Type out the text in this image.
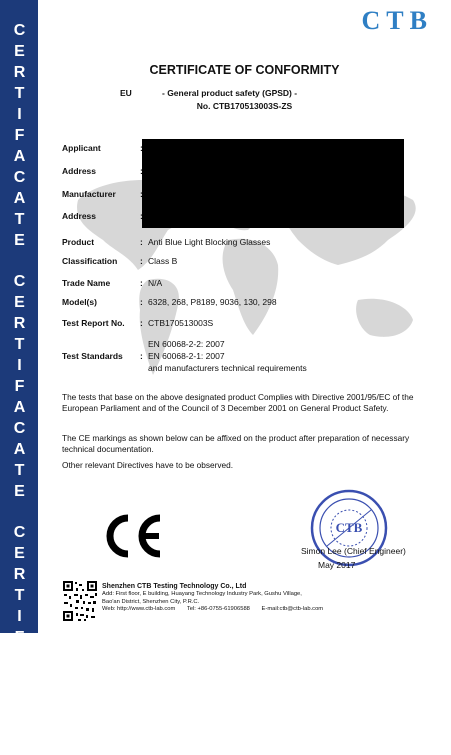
CERTIFACATE
CERTIFACATE
CERTIFACATE
CTB
CERTIFICATE OF CONFORMITY
EU	- General product safety (GPSD) -
No. CTB170513003S-ZS
Applicant	:
Address	:
Manufacturer	:
Address	:
Product	: Anti Blue Light Blocking Glasses
Classification	: Class B
Trade Name	: N/A
Model(s)	: 6328, 268, P8189, 9036, 130, 298
Test Report No. : CTB170513003S
EN 60068-2-2: 2007
Test Standards : EN 60068-2-1: 2007
and manufacturers technical requirements
The tests that base on the above designated product Complies with Directive 2001/95/EC of the European Parliament and of the Council of 3 December 2001 on General Product Safety.
The CE markings as shown below can be affixed on the product after preparation of necessary technical documentation.
Other relevant Directives have to be observed.
CTB
Simon Lee (Chief Engineer)
May 2017
Shenzhen CTB Testing Technology Co., Ltd
Add: First floor, E building, Huayang Technology Industry Park, Gushu Village,
Bao'an District, Shenzhen City, P.R.C.
Web: http://www.ctb-lab.com Tel: +86-0755-61906588 E-mail:ctb@ctb-lab.com
